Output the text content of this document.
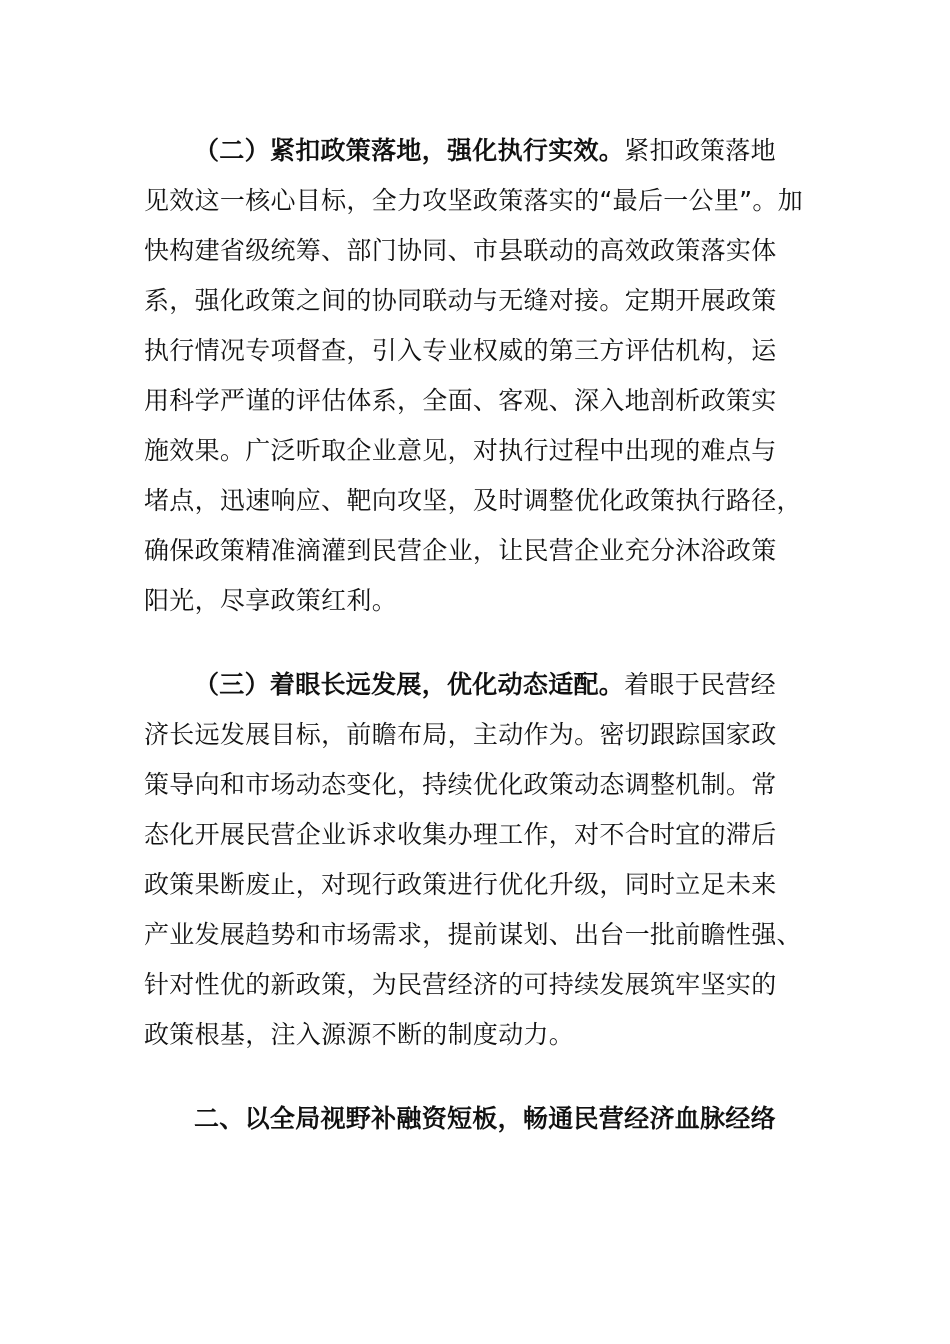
（二）紧扣政策落地，强化执行实效。紧扣政策落地
见效这一核心目标，全力攻坚政策落实的“最后一公里”。加
快构建省级统筹、部门协同、市县联动的高效政策落实体
系，强化政策之间的协同联动与无缝对接。定期开展政策
执行情况专项督查，引入专业权威的第三方评估机构，运
用科学严谨的评估体系，全面、客观、深入地剖析政策实
施效果。广泛听取企业意见，对执行过程中出现的难点与
堵点，迅速响应、靶向攻坚，及时调整优化政策执行路径，
确保政策精准滴灌到民营企业，让民营企业充分沐浴政策
阳光，尽享政策红利。
（三）着眼长远发展，优化动态适配。着眼于民营经
济长远发展目标，前瞻布局，主动作为。密切跟踪国家政
策导向和市场动态变化，持续优化政策动态调整机制。常
态化开展民营企业诉求收集办理工作，对不合时宜的滞后
政策果断废止，对现行政策进行优化升级，同时立足未来
产业发展趋势和市场需求，提前谋划、出台一批前瞻性强、
针对性优的新政策，为民营经济的可持续发展筑牢坚实的
政策根基，注入源源不断的制度动力。
二、以全局视野补融资短板，畅通民营经济血脉经络
